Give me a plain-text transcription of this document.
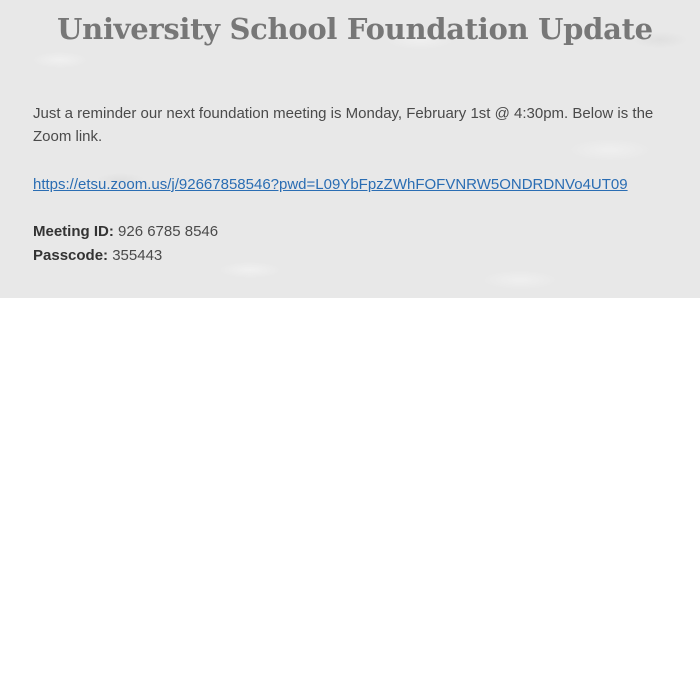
University School Foundation Update

Just a reminder our next foundation meeting is Monday, February 1st @ 4:30pm. Below is the Zoom link.

https://etsu.zoom.us/j/92667858546?pwd=L09YbFpzZWhFOFVNRW5ONDRDNVo4UT09
Meeting ID: 926 6785 8546
Passcode: 355443
